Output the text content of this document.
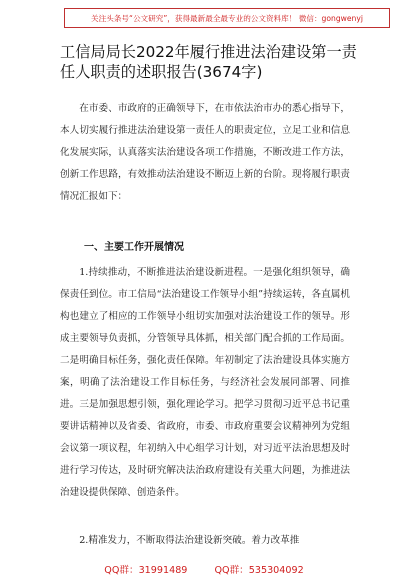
关注头条号“公文研究”，获得最新最全最专业的公文资料库！ 微信：gongwenyj
工信局局长2022年履行推进法治建设第一责任人职责的述职报告(3674字)

在市委、市政府的正确领导下，在市依法治市办的悉心指导下，本人切实履行推进法治建设第一责任人的职责定位，立足工业和信息化发展实际，认真落实法治建设各项工作措施，不断改进工作方法，创新工作思路，有效推动法治建设不断迈上新的台阶。现将履行职责情况汇报如下：

一、主要工作开展情况

1.持续推动，不断推进法治建设新进程。一是强化组织领导，确保责任到位。市工信局“法治建设工作领导小组”持续运转，各直属机构也建立了相应的工作领导小组切实加强对法治建设工作的领导。形成主要领导负责抓，分管领导具体抓，相关部门配合抓的工作局面。二是明确目标任务，强化责任保障。年初制定了法治建设具体实施方案，明确了法治建设工作目标任务，与经济社会发展同部署、同推进。三是加强思想引领，强化理论学习。把学习贯彻习近平总书记重要讲话精神以及省委、省政府，市委、市政府重要会议精神列为党组会议第一项议程，年初纳入中心组学习计划，对习近平法治思想及时进行学习传达，及时研究解决法治政府建设有关重大问题，为推进法治建设提供保障、创造条件。

2.精准发力，不断取得法治建设新突破。着力改革推

QQ群：31991489	QQ群：535304092
